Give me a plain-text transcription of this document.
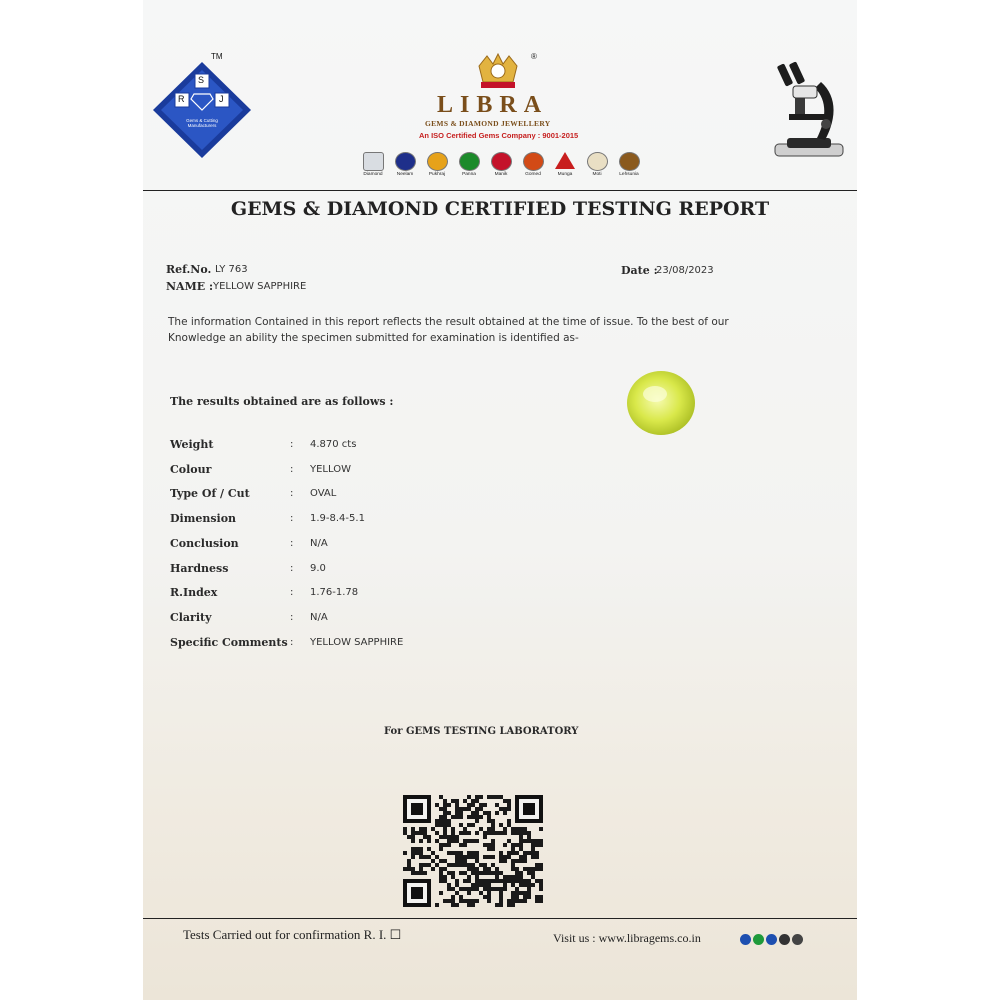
TM
S
R	J
Gems & Cutting Manufacturers
®
LIBRA
GEMS & DIAMOND JEWELLERY
An ISO Certified Gems Company : 9001-2015
Diamond	Neelam	Pukhraj	Panna	Manik	Gomed	Munga	Moti	Lehsunia
GEMS & DIAMOND CERTIFIED TESTING REPORT
Ref.No. LY 763
NAME : YELLOW SAPPHIRE
Date :
23/08/2023
The information Contained in this report reflects the result obtained at the time of issue. To the best of our Knowledge an ability the specimen submitted for examination is identified as-
The results obtained are as follows :
Weight	: 4.870 cts
Colour	: YELLOW
Type Of / Cut	: OVAL
Dimension	: 1.9-8.4-5.1
Conclusion	: N/A
Hardness	: 9.0
R.Index	: 1.76-1.78
Clarity	: N/A
Specific Comments : YELLOW SAPPHIRE
For GEMS TESTING LABORATORY
Tests Carried out for confirmation R. I. ☐	Visit us : www.libragems.co.in
